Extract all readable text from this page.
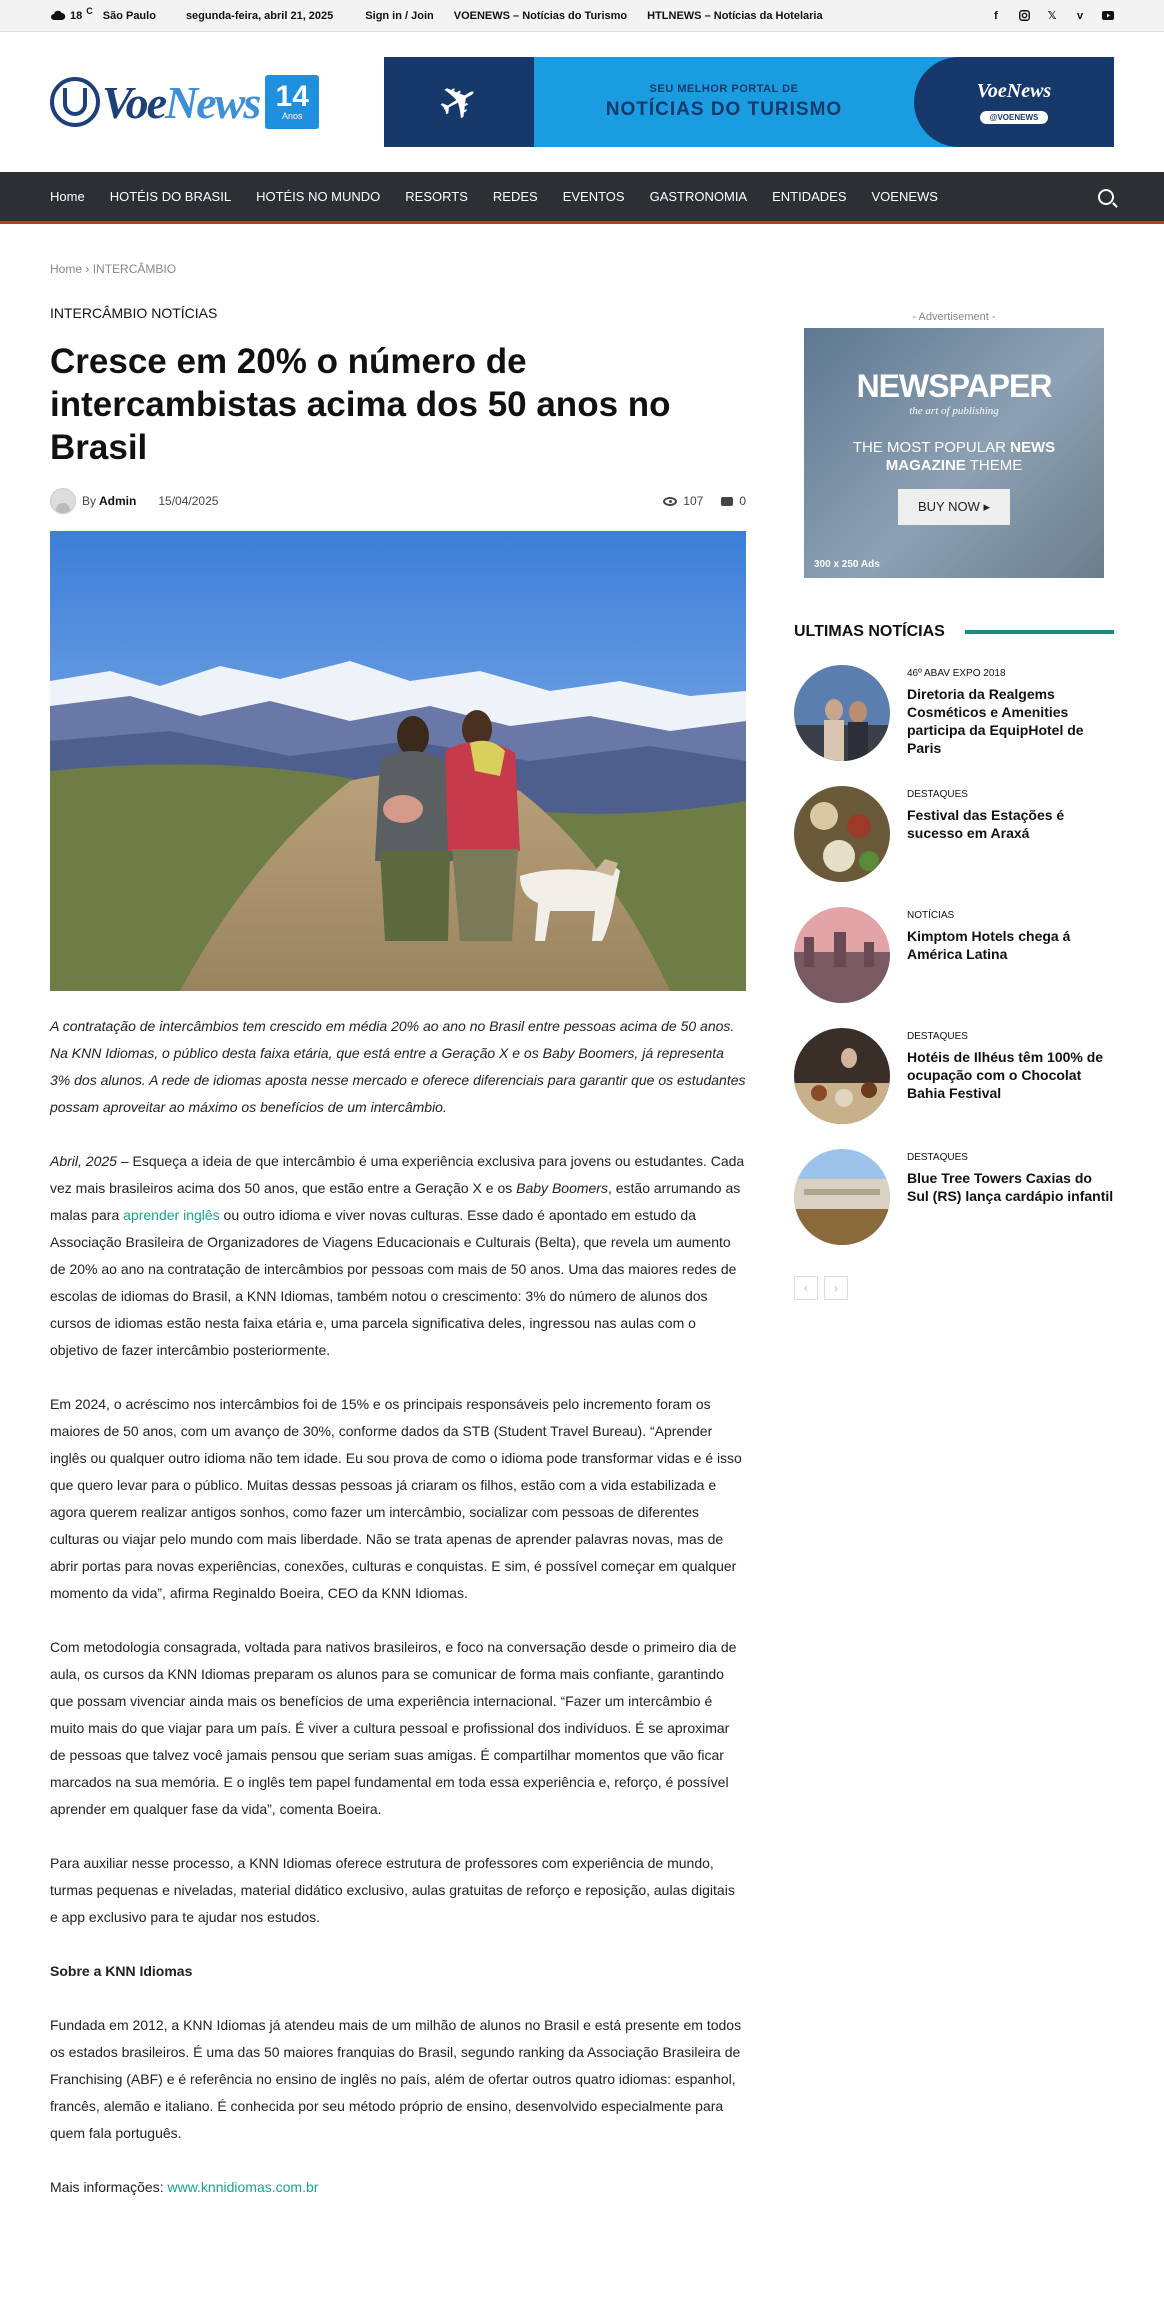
18 C São Paulo	segunda-feira, abril 21, 2025	Sign in / Join VOENEWS – Notícias do Turismo HTLNEWS – Notícias da Hotelaria	f	𝕏 v
VoeNews 14
Anos	✈	SEU MELHOR PORTAL DE
NOTÍCIAS DO TURISMO
VoeNews
@VOENEWS
Home HOTÉIS DO BRASIL HOTÉIS NO MUNDO RESORTS REDES EVENTOS GASTRONOMIA ENTIDADES VOENEWS
Home › INTERCÂMBIO
INTERCÂMBIO NOTÍCIAS
Cresce em 20% o número de intercambistas acima dos 50 anos no Brasil
By Admin 15/04/2025	107	0

A contratação de intercâmbios tem crescido em média 20% ao ano no Brasil entre pessoas acima de 50 anos. Na KNN Idiomas, o público desta faixa etária, que está entre a Geração X e os Baby Boomers, já representa 3% dos alunos. A rede de idiomas aposta nesse mercado e oferece diferenciais para garantir que os estudantes possam aproveitar ao máximo os benefícios de um intercâmbio.

Abril, 2025 – Esqueça a ideia de que intercâmbio é uma experiência exclusiva para jovens ou estudantes. Cada vez mais brasileiros acima dos 50 anos, que estão entre a Geração X e os Baby Boomers, estão arrumando as malas para aprender inglês ou outro idioma e viver novas culturas. Esse dado é apontado em estudo da Associação Brasileira de Organizadores de Viagens Educacionais e Culturais (Belta), que revela um aumento de 20% ao ano na contratação de intercâmbios por pessoas com mais de 50 anos. Uma das maiores redes de escolas de idiomas do Brasil, a KNN Idiomas, também notou o crescimento: 3% do número de alunos dos cursos de idiomas estão nesta faixa etária e, uma parcela significativa deles, ingressou nas aulas com o objetivo de fazer intercâmbio posteriormente.

Em 2024, o acréscimo nos intercâmbios foi de 15% e os principais responsáveis pelo incremento foram os maiores de 50 anos, com um avanço de 30%, conforme dados da STB (Student Travel Bureau). “Aprender inglês ou qualquer outro idioma não tem idade. Eu sou prova de como o idioma pode transformar vidas e é isso que quero levar para o público. Muitas dessas pessoas já criaram os filhos, estão com a vida estabilizada e agora querem realizar antigos sonhos, como fazer um intercâmbio, socializar com pessoas de diferentes culturas ou viajar pelo mundo com mais liberdade. Não se trata apenas de aprender palavras novas, mas de abrir portas para novas experiências, conexões, culturas e conquistas. E sim, é possível começar em qualquer momento da vida”, afirma Reginaldo Boeira, CEO da KNN Idiomas.

Com metodologia consagrada, voltada para nativos brasileiros, e foco na conversação desde o primeiro dia de aula, os cursos da KNN Idiomas preparam os alunos para se comunicar de forma mais confiante, garantindo que possam vivenciar ainda mais os benefícios de uma experiência internacional. “Fazer um intercâmbio é muito mais do que viajar para um país. É viver a cultura pessoal e profissional dos indivíduos. É se aproximar de pessoas que talvez você jamais pensou que seriam suas amigas. É compartilhar momentos que vão ficar marcados na sua memória. E o inglês tem papel fundamental em toda essa experiência e, reforço, é possível aprender em qualquer fase da vida”, comenta Boeira.

Para auxiliar nesse processo, a KNN Idiomas oferece estrutura de professores com experiência de mundo, turmas pequenas e niveladas, material didático exclusivo, aulas gratuitas de reforço e reposição, aulas digitais e app exclusivo para te ajudar nos estudos.

Sobre a KNN Idiomas

Fundada em 2012, a KNN Idiomas já atendeu mais de um milhão de alunos no Brasil e está presente em todos os estados brasileiros. É uma das 50 maiores franquias do Brasil, segundo ranking da Associação Brasileira de Franchising (ABF) e é referência no ensino de inglês no país, além de ofertar outros quatro idiomas: espanhol, francês, alemão e italiano. É conhecida por seu método próprio de ensino, desenvolvido especialmente para quem fala português.

Mais informações: www.knnidiomas.com.br

- Advertisement -
NEWSPAPER
the art of publishing
THE MOST POPULAR NEWS
MAGAZINE THEME
BUY NOW ▸
300 x 250 Ads
ULTIMAS NOTÍCIAS
46º ABAV EXPO 2018
Diretoria da Realgems Cosméticos e Amenities participa da EquipHotel de Paris
DESTAQUES
Festival das Estações é sucesso em Araxá
NOTÍCIAS
Kimptom Hotels chega á América Latina
DESTAQUES
Hotéis de Ilhéus têm 100% de ocupação com o Chocolat Bahia Festival
DESTAQUES
Blue Tree Towers Caxias do Sul (RS) lança cardápio infantil
‹	›
